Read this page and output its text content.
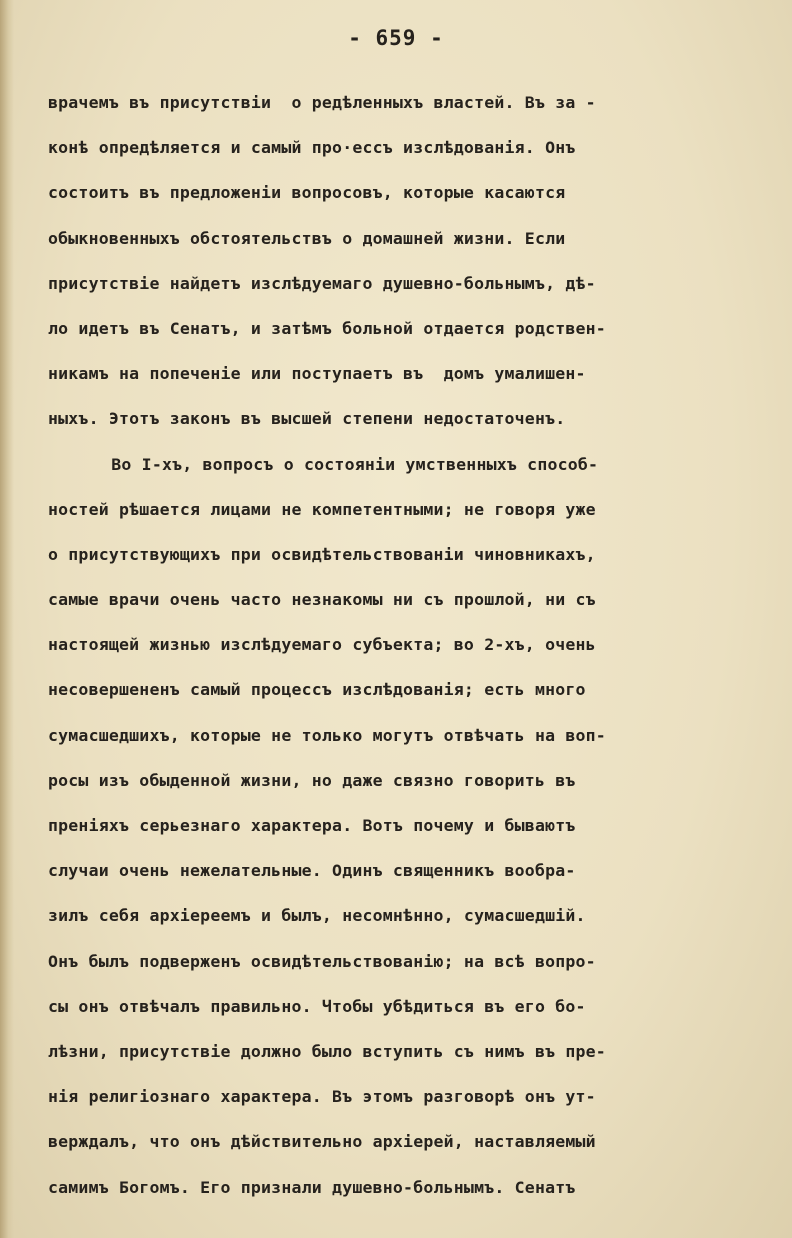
- 659 -
врачемъ въ присутствiи  о редѣленныхъ властей. Въ за -
конѣ опредѣляется и самый про·ессъ изслѣдованiя. Онъ
состоитъ въ предложенiи вопросовъ, которые касаются
обыкновенныхъ обстоятельствъ о домашней жизни. Если
присутствiе найдетъ изслѣдуемаго душевно-больнымъ, дѣ-
ло идетъ въ Сенатъ, и затѣмъ больной отдается родствен-
никамъ на попеченiе или поступаетъ въ  домъ умалишен-
ныхъ. Этотъ законъ въ высшей степени недостаточенъ.
Во I-хъ, вопросъ о состоянiи умственныхъ способ-
ностей рѣшается лицами не компетентными; не говоря уже
о присутствующихъ при освидѣтельствованiи чиновникахъ,
самые врачи очень часто незнакомы ни съ прошлой, ни съ
настоящей жизнью изслѣдуемаго субъекта; во 2-хъ, очень
несовершененъ самый процессъ изслѣдованiя; есть много
сумасшедшихъ, которые не только могутъ отвѣчать на воп-
росы изъ обыденной жизни, но даже связно говорить въ
пренiяхъ серьезнаго характера. Вотъ почему и бываютъ
случаи очень нежелательные. Одинъ священникъ вообра-
зилъ себя архiереемъ и былъ, несомнѣнно, сумасшедшiй.
Онъ былъ подверженъ освидѣтельствованiю; на всѣ вопро-
сы онъ отвѣчалъ правильно. Чтобы убѣдиться въ его бо-
лѣзни, присутствiе должно было вступить съ нимъ въ пре-
нiя религiознаго характера. Въ этомъ разговорѣ онъ ут-
верждалъ, что онъ дѣйствительно архiерей, наставляемый
самимъ Богомъ. Его признали душевно-больнымъ. Сенатъ
